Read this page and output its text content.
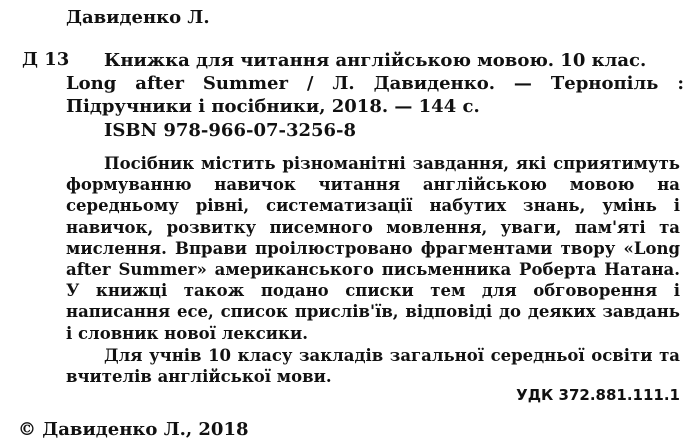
Давиденко Л.
Д 13 Книжка для читання англійською мовою. 10 клас.
Long after Summer / Л. Давиденко. — Тернопіль : Підручники і посібники, 2018. — 144 с.
ISBN 978-966-07-3256-8

Посібник містить різноманітні завдання, які сприятимуть формуванню навичок читання англійською мовою на середньому рівні, систематизації набутих знань, умінь і навичок, розвитку писемного мовлення, уваги, пам'яті та мислення. Вправи проілюстровано фрагментами твору «Long after Summer» американського письменника Роберта Натана. У книжці також подано списки тем для обговорення і написання есе, список прислів'їв, відповіді до деяких завдань і словник нової лексики.

Для учнів 10 класу закладів загальної середньої освіти та вчителів англійської мови.

УДК 372.881.111.1
© Давиденко Л., 2018
